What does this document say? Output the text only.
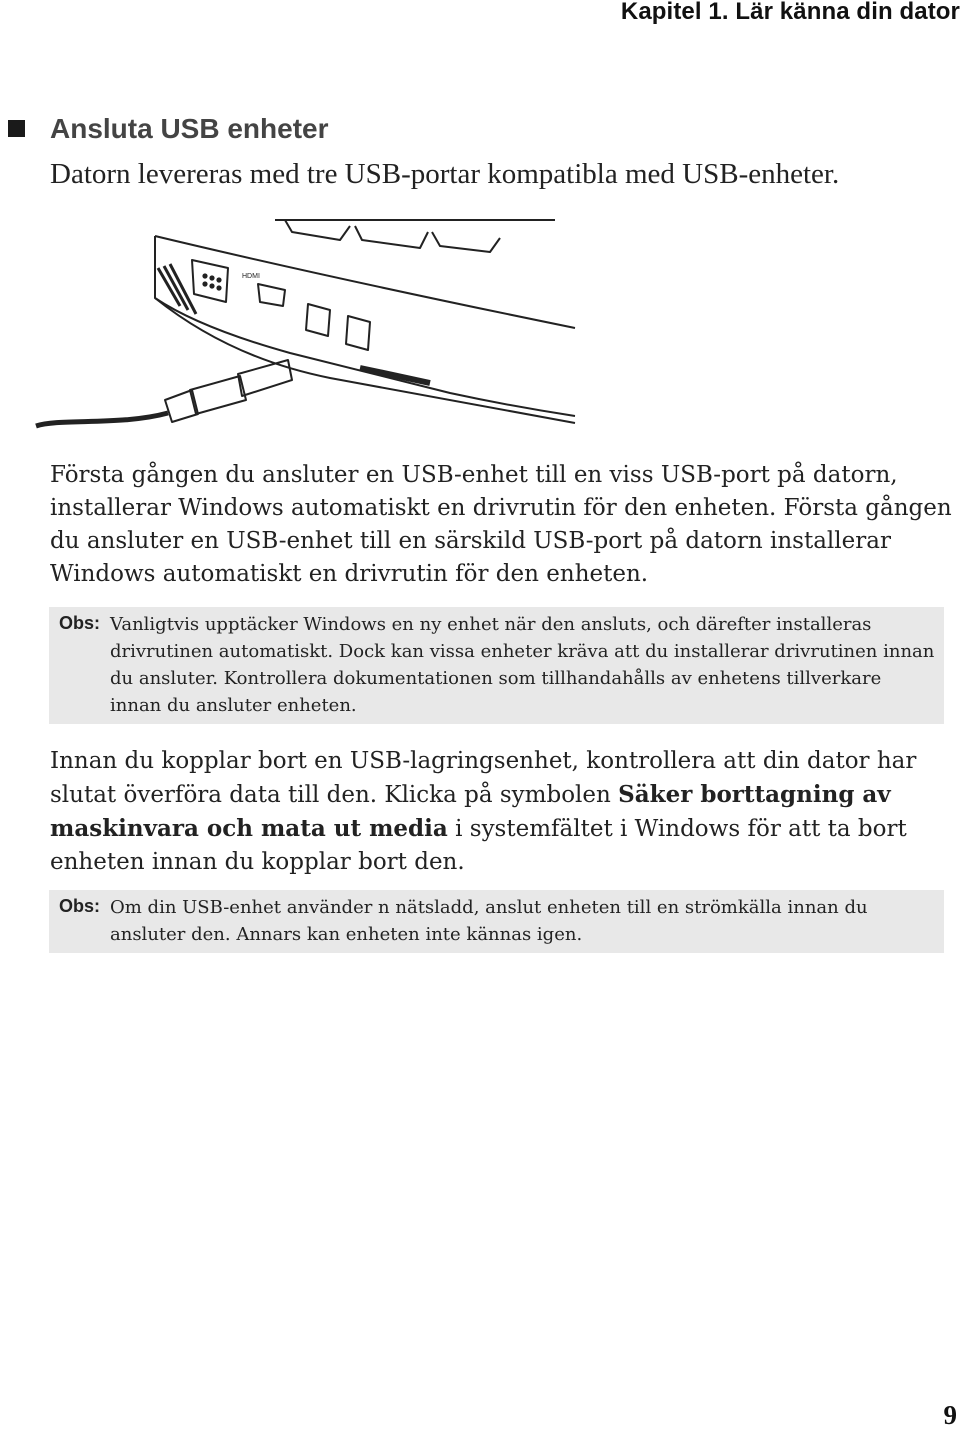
Kapitel 1. Lär känna din dator
Ansluta USB enheter
Datorn levereras med tre USB-portar kompatibla med USB-enheter.
HDMI

Första gången du ansluter en USB-enhet till en viss USB-port på datorn, installerar Windows automatiskt en drivrutin för den enheten. Första gången du ansluter en USB-enhet till en särskild USB-port på datorn installerar Windows automatiskt en drivrutin för den enheten.

Obs: Vanligtvis upptäcker Windows en ny enhet när den ansluts, och därefter installeras drivrutinen automatiskt. Dock kan vissa enheter kräva att du installerar drivrutinen innan du ansluter. Kontrollera dokumentationen som tillhandahålls av enhetens tillverkare innan du ansluter enheten.

Innan du kopplar bort en USB-lagringsenhet, kontrollera att din dator har slutat överföra data till den. Klicka på symbolen Säker borttagning av maskinvara och mata ut media i systemfältet i Windows för att ta bort enheten innan du kopplar bort den.

Obs: Om din USB-enhet använder n nätsladd, anslut enheten till en strömkälla innan du ansluter den. Annars kan enheten inte kännas igen.
9
